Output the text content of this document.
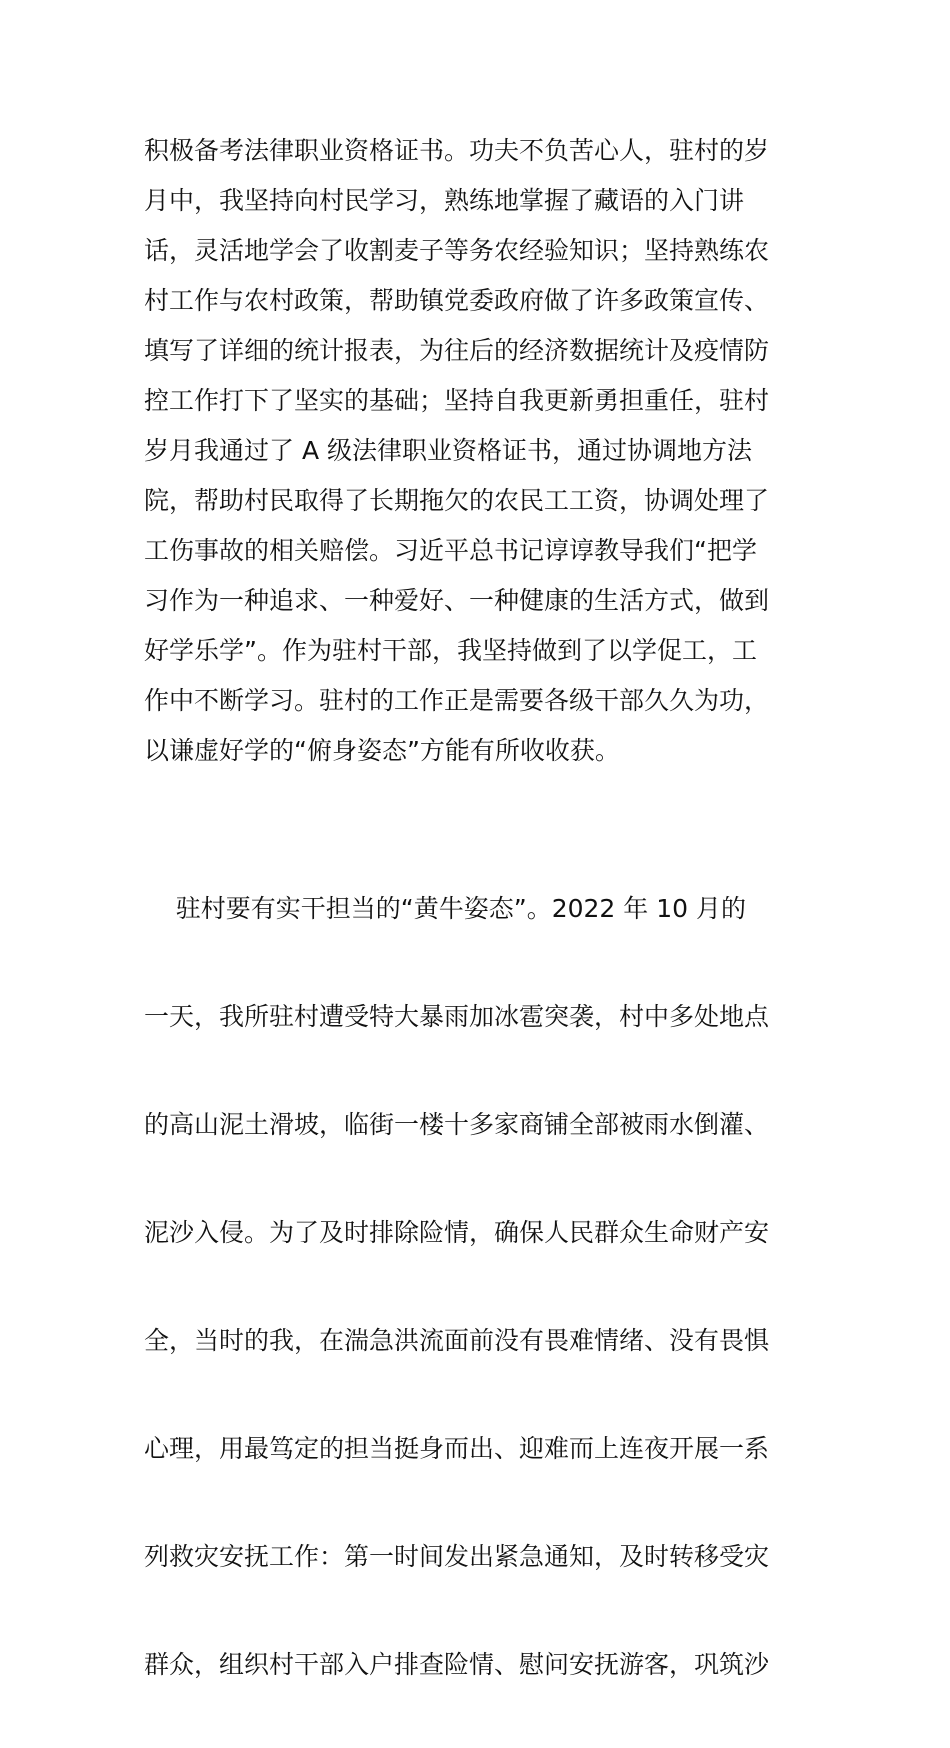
积极备考法律职业资格证书。功夫不负苦心人，驻村的岁
月中，我坚持向村民学习，熟练地掌握了藏语的入门讲
话，灵活地学会了收割麦子等务农经验知识；坚持熟练农
村工作与农村政策，帮助镇党委政府做了许多政策宣传、
填写了详细的统计报表，为往后的经济数据统计及疫情防
控工作打下了坚实的基础；坚持自我更新勇担重任，驻村
岁月我通过了 A 级法律职业资格证书，通过协调地方法
院，帮助村民取得了长期拖欠的农民工工资，协调处理了
工伤事故的相关赔偿。习近平总书记谆谆教导我们“把学
习作为一种追求、一种爱好、一种健康的生活方式，做到
好学乐学”。作为驻村干部，我坚持做到了以学促工，工
作中不断学习。驻村的工作正是需要各级干部久久为功，
以谦虚好学的“俯身姿态”方能有所收收获。

驻村要有实干担当的“黄牛姿态”。2022 年 10 月的

一天，我所驻村遭受特大暴雨加冰雹突袭，村中多处地点

的高山泥土滑坡，临街一楼十多家商铺全部被雨水倒灌、

泥沙入侵。为了及时排除险情，确保人民群众生命财产安

全，当时的我，在湍急洪流面前没有畏难情绪、没有畏惧

心理，用最笃定的担当挺身而出、迎难而上连夜开展一系

列救灾安抚工作：第一时间发出紧急通知，及时转移受灾

群众，组织村干部入户排查险情、慰问安抚游客，巩筑沙
